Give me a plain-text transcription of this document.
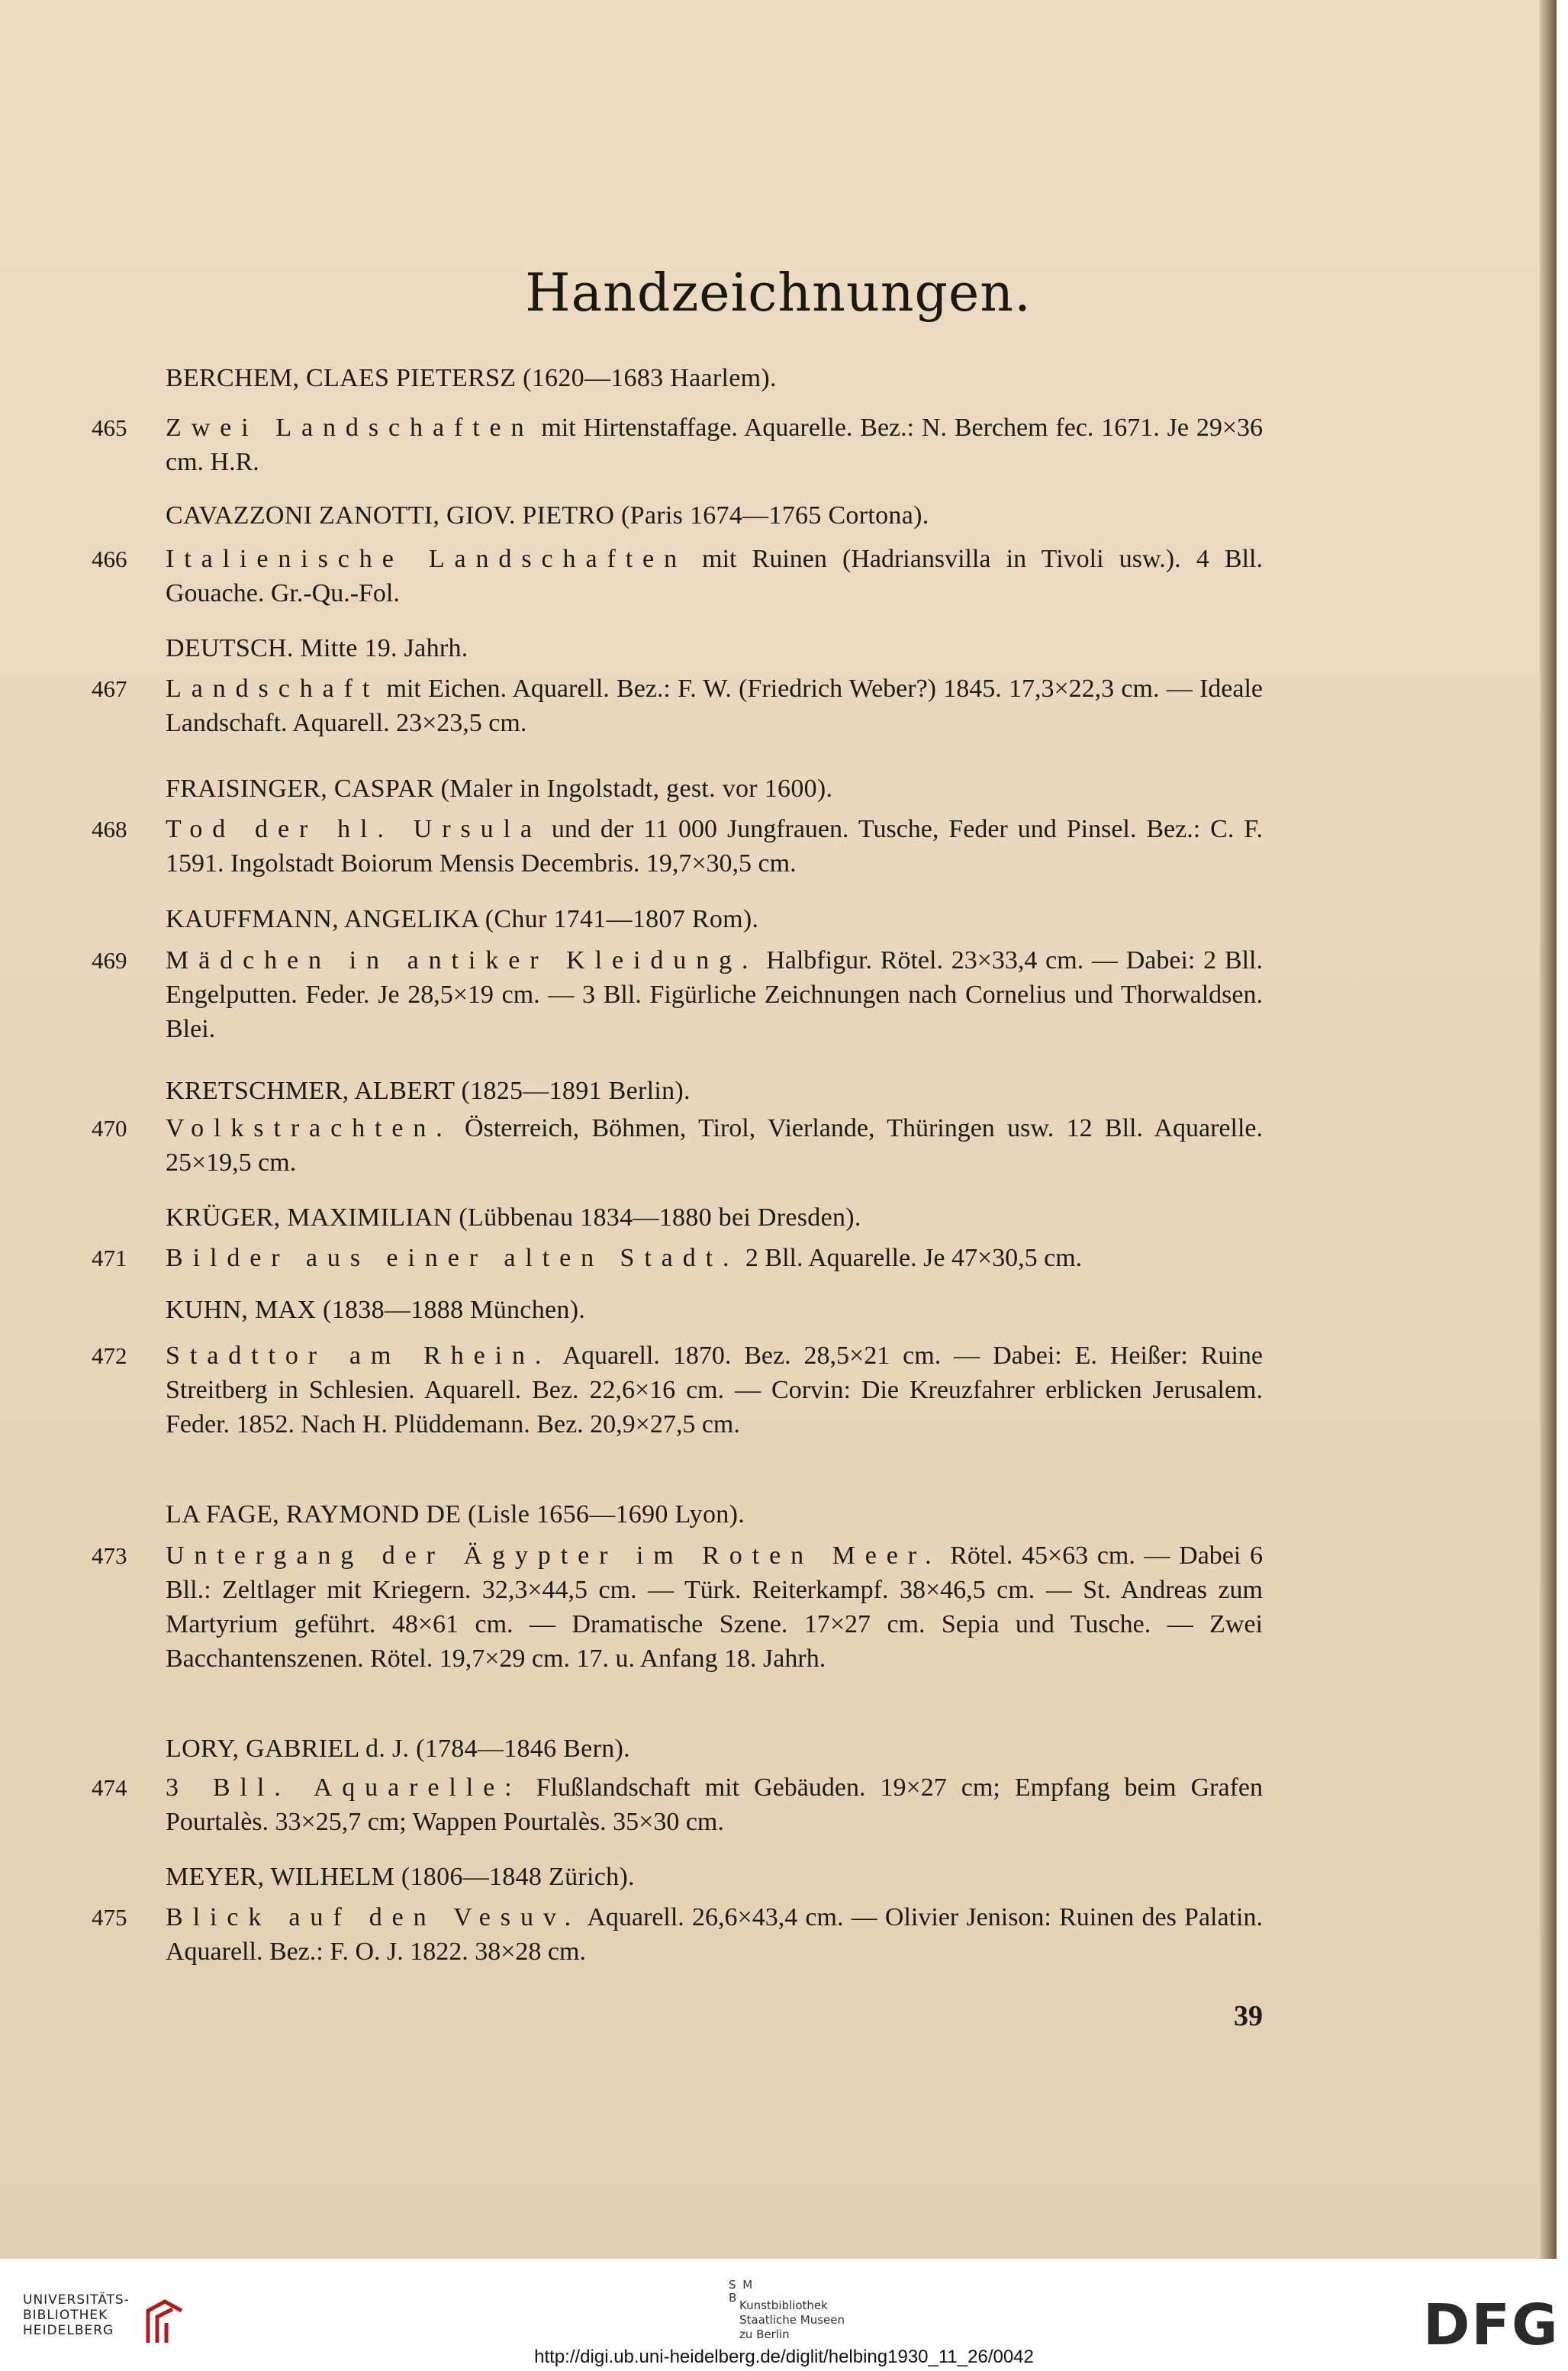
Handzeichnungen.
BERCHEM, CLAES PIETERSZ (1620—1683 Haarlem).
465	Zwei Landschaften mit Hirtenstaffage. Aquarelle. Bez.: N. Berchem fec. 1671. Je 29×36 cm. H.R.
CAVAZZONI ZANOTTI, GIOV. PIETRO (Paris 1674—1765 Cortona).
466	Italienische Landschaften mit Ruinen (Hadriansvilla in Tivoli usw.). 4 Bll. Gouache. Gr.-Qu.-Fol.
DEUTSCH. Mitte 19. Jahrh.
467	Landschaft mit Eichen. Aquarell. Bez.: F. W. (Friedrich Weber?) 1845. 17,3×22,3 cm. — Ideale Landschaft. Aquarell. 23×23,5 cm.
FRAISINGER, CASPAR (Maler in Ingolstadt, gest. vor 1600).
468	Tod der hl. Ursula und der 11 000 Jungfrauen. Tusche, Feder und Pinsel. Bez.: C. F. 1591. Ingolstadt Boiorum Mensis Decembris. 19,7×30,5 cm.
KAUFFMANN, ANGELIKA (Chur 1741—1807 Rom).
469	Mädchen in antiker Kleidung. Halbfigur. Rötel. 23×33,4 cm. — Dabei: 2 Bll. Engelputten. Feder. Je 28,5×19 cm. — 3 Bll. Figürliche Zeichnungen nach Cornelius und Thorwaldsen. Blei.
KRETSCHMER, ALBERT (1825—1891 Berlin).
470	Volkstrachten. Österreich, Böhmen, Tirol, Vierlande, Thüringen usw. 12 Bll. Aquarelle. 25×19,5 cm.
KRÜGER, MAXIMILIAN (Lübbenau 1834—1880 bei Dresden).
471	Bilder aus einer alten Stadt. 2 Bll. Aquarelle. Je 47×30,5 cm.
KUHN, MAX (1838—1888 München).
472	Stadttor am Rhein. Aquarell. 1870. Bez. 28,5×21 cm. — Dabei: E. Heißer: Ruine Streitberg in Schlesien. Aquarell. Bez. 22,6×16 cm. — Corvin: Die Kreuzfahrer erblicken Jerusalem. Feder. 1852. Nach H. Plüddemann. Bez. 20,9×27,5 cm.
LA FAGE, RAYMOND DE (Lisle 1656—1690 Lyon).
473	Untergang der Ägypter im Roten Meer. Rötel. 45×63 cm. — Dabei 6 Bll.: Zeltlager mit Kriegern. 32,3×44,5 cm. — Türk. Reiterkampf. 38×46,5 cm. — St. Andreas zum Martyrium geführt. 48×61 cm. — Dramatische Szene. 17×27 cm. Sepia und Tusche. — Zwei Bacchantenszenen. Rötel. 19,7×29 cm. 17. u. Anfang 18. Jahrh.
LORY, GABRIEL d. J. (1784—1846 Bern).
474	3 Bll. Aquarelle: Flußlandschaft mit Gebäuden. 19×27 cm; Empfang beim Grafen Pourtalès. 33×25,7 cm; Wappen Pourtalès. 35×30 cm.
MEYER, WILHELM (1806—1848 Zürich).
475	Blick auf den Vesuv. Aquarell. 26,6×43,4 cm. — Olivier Jenison: Ruinen des Palatin. Aquarell. Bez.: F. O. J. 1822. 38×28 cm.
39
UNIVERSITÄTS-
BIBLIOTHEK
HEIDELBERG
S M
B
Kunstbibliothek
Staatliche Museen
zu Berlin	DFG
http://digi.ub.uni-heidelberg.de/diglit/helbing1930_11_26/0042
